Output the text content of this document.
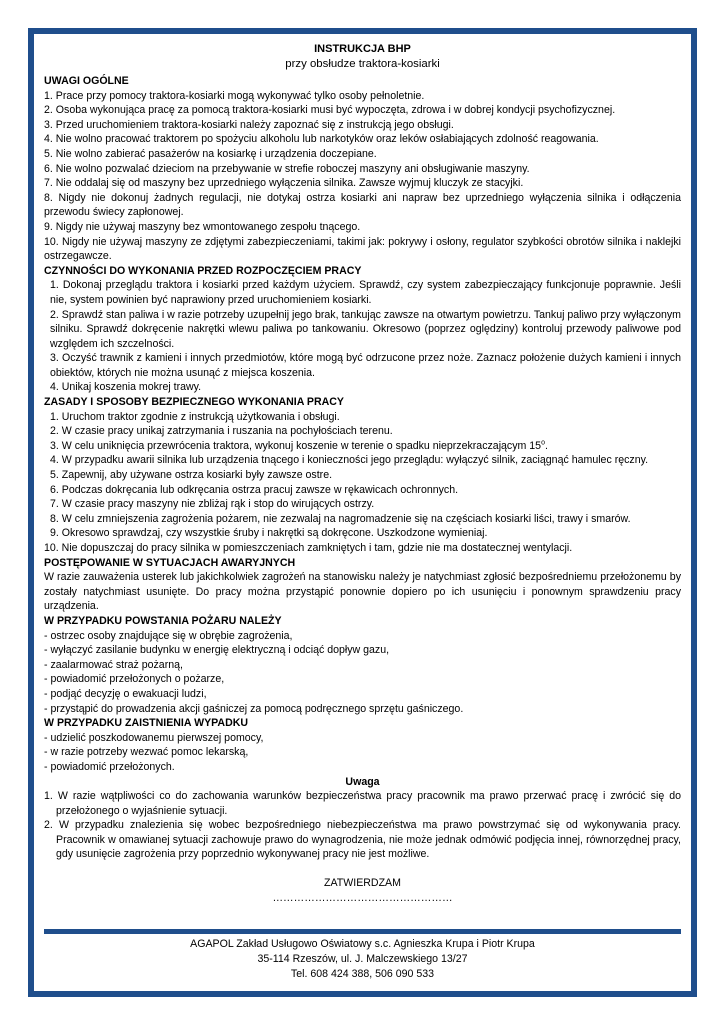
INSTRUKCJA BHP
przy obsłudze traktora-kosiarki
UWAGI OGÓLNE
1. Prace przy pomocy traktora-kosiarki mogą wykonywać tylko osoby pełnoletnie.
2. Osoba wykonująca pracę za pomocą traktora-kosiarki musi być wypoczęta, zdrowa i w dobrej kondycji psychofizycznej.
3. Przed uruchomieniem traktora-kosiarki należy zapoznać się z instrukcją jego obsługi.
4. Nie wolno pracować traktorem po spożyciu alkoholu lub narkotyków oraz leków osłabiających zdolność reagowania.
5. Nie wolno zabierać pasażerów na kosiarkę i urządzenia doczepiane.
6. Nie wolno pozwalać dzieciom na przebywanie w strefie roboczej maszyny ani obsługiwanie maszyny.
7. Nie oddalaj się od maszyny bez uprzedniego wyłączenia silnika. Zawsze wyjmuj kluczyk ze stacyjki.
8. Nigdy nie dokonuj żadnych regulacji, nie dotykaj ostrza kosiarki ani napraw bez uprzedniego wyłączenia silnika i odłączenia przewodu świecy zapłonowej.
9. Nigdy nie używaj maszyny bez wmontowanego zespołu tnącego.
10. Nigdy nie używaj maszyny ze zdjętymi zabezpieczeniami, takimi jak: pokrywy i osłony, regulator szybkości obrotów silnika i naklejki ostrzegawcze.
CZYNNOŚCI DO WYKONANIA PRZED ROZPOCZĘCIEM PRACY
1. Dokonaj przeglądu traktora i kosiarki przed każdym użyciem. Sprawdź, czy system zabezpieczający funkcjonuje poprawnie. Jeśli nie, system powinien być naprawiony przed uruchomieniem kosiarki.
2. Sprawdź stan paliwa i w razie potrzeby uzupełnij jego brak, tankując zawsze na otwartym powietrzu. Tankuj paliwo przy wyłączonym silniku. Sprawdź dokręcenie nakrętki wlewu paliwa po tankowaniu. Okresowo (poprzez oględziny) kontroluj przewody paliwowe pod względem ich szczelności.
3. Oczyść trawnik z kamieni i innych przedmiotów, które mogą być odrzucone przez noże. Zaznacz położenie dużych kamieni i innych obiektów, których nie można usunąć z miejsca koszenia.
4. Unikaj koszenia mokrej trawy.
ZASADY I SPOSOBY BEZPIECZNEGO WYKONANIA PRACY
1. Uruchom traktor zgodnie z instrukcją użytkowania i obsługi.
2. W czasie pracy unikaj zatrzymania i ruszania na pochyłościach terenu.
3. W celu uniknięcia przewrócenia traktora, wykonuj koszenie w terenie o spadku nieprzekraczającym 15$^o$.
4. W przypadku awarii silnika lub urządzenia tnącego i konieczności jego przeglądu: wyłączyć silnik, zaciągnąć hamulec ręczny.
5. Zapewnij, aby używane ostrza kosiarki były zawsze ostre.
6. Podczas dokręcania lub odkręcania ostrza pracuj zawsze w rękawicach ochronnych.
7. W czasie pracy maszyny nie zbliżaj rąk i stop do wirujących ostrzy.
8. W celu zmniejszenia zagrożenia pożarem, nie zezwalaj na nagromadzenie się na częściach kosiarki liści, trawy i smarów.
9. Okresowo sprawdzaj, czy wszystkie śruby i nakrętki są dokręcone. Uszkodzone wymieniaj.
10. Nie dopuszczaj do pracy silnika w pomieszczeniach zamkniętych i tam, gdzie nie ma dostatecznej wentylacji.
POSTĘPOWANIE W SYTUACJACH AWARYJNYCH
W razie zauważenia usterek lub jakichkolwiek zagrożeń na stanowisku należy je natychmiast zgłosić bezpośredniemu przełożonemu by zostały natychmiast usunięte. Do pracy można przystąpić ponownie dopiero po ich usunięciu i ponownym sprawdzeniu pracy urządzenia.
W PRZYPADKU POWSTANIA POŻARU NALEŻY
- ostrzec osoby znajdujące się w obrębie zagrożenia,
- wyłączyć zasilanie budynku w energię elektryczną i odciąć dopływ gazu,
- zaalarmować straż pożarną,
- powiadomić przełożonych o pożarze,
- podjąć decyzję o ewakuacji ludzi,
- przystąpić do prowadzenia akcji gaśniczej za pomocą podręcznego sprzętu gaśniczego.
W PRZYPADKU ZAISTNIENIA WYPADKU
- udzielić poszkodowanemu pierwszej pomocy,
- w razie potrzeby wezwać pomoc lekarską,
- powiadomić przełożonych.
Uwaga
1. W razie wątpliwości co do zachowania warunków bezpieczeństwa pracy pracownik ma prawo przerwać pracę i zwrócić się do przełożonego o wyjaśnienie sytuacji.
2. W przypadku znalezienia się wobec bezpośredniego niebezpieczeństwa ma prawo powstrzymać się od wykonywania pracy. Pracownik w omawianej sytuacji zachowuje prawo do wynagrodzenia, nie może jednak odmówić podjęcia innej, równorzędnej pracy, gdy usunięcie zagrożenia przy poprzednio wykonywanej pracy nie jest możliwe.
ZATWIERDZAM
……………………………………………
AGAPOL Zakład Usługowo Oświatowy s.c. Agnieszka Krupa i Piotr Krupa
35-114 Rzeszów, ul. J. Malczewskiego 13/27
Tel. 608 424 388, 506 090 533
